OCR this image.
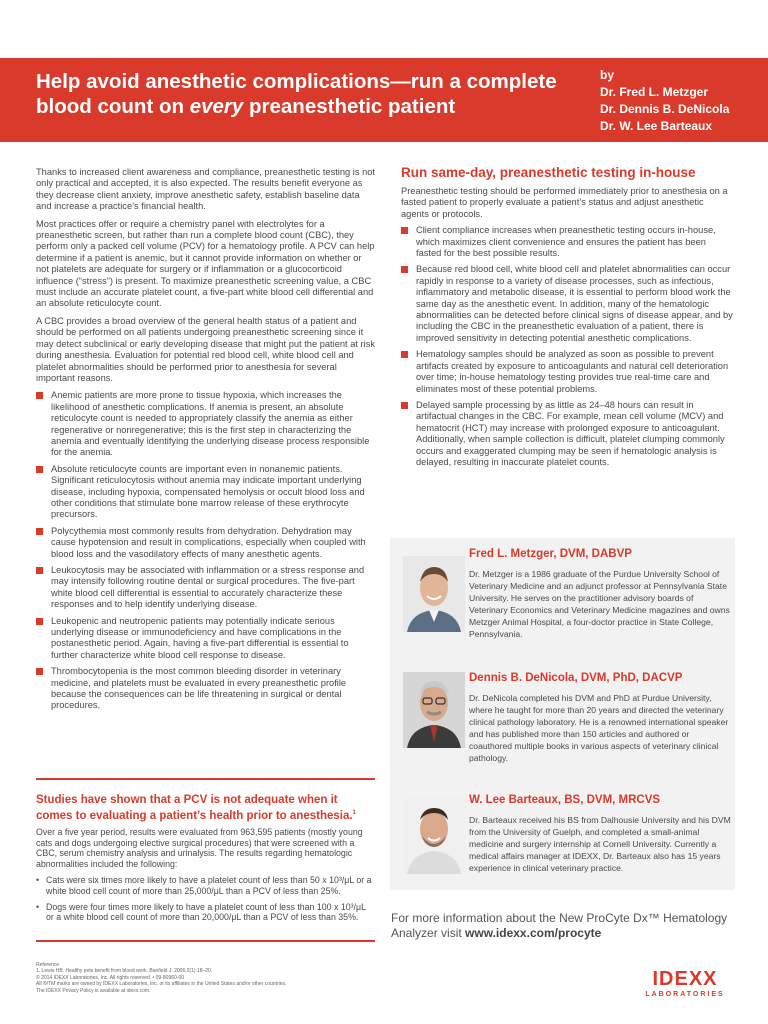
Help avoid anesthetic complications—run a complete
blood count on every preanesthetic patient
by
Dr. Fred L. Metzger
Dr. Dennis B. DeNicola
Dr. W. Lee Barteaux

Thanks to increased client awareness and compliance, preanesthetic testing is not only practical and accepted, it is also expected. The results benefit everyone as they decrease client anxiety, improve anesthetic safety, establish baseline data and increase a practice’s financial health.

Most practices offer or require a chemistry panel with electrolytes for a preanesthetic screen, but rather than run a complete blood count (CBC), they perform only a packed cell volume (PCV) for a hematology profile. A PCV can help determine if a patient is anemic, but it cannot provide information on whether or not platelets are adequate for surgery or if inflammation or a glucocorticoid influence (“stress”) is present. To maximize preanesthetic screening value, a CBC must include an accurate platelet count, a five-part white blood cell differential and an absolute reticulocyte count.

A CBC provides a broad overview of the general health status of a patient and should be performed on all patients undergoing preanesthetic screening since it may detect subclinical or early developing disease that might put the patient at risk during anesthesia. Evaluation for potential red blood cell, white blood cell and platelet abnormalities should be performed prior to anesthesia for several important reasons.

Anemic patients are more prone to tissue hypoxia, which increases the likelihood of anesthetic complications. If anemia is present, an absolute reticulocyte count is needed to appropriately classify the anemia as either regenerative or nonregenerative; this is the first step in characterizing the anemia and eventually identifying the underlying disease process responsible for the anemia.
Absolute reticulocyte counts are important even in nonanemic patients. Significant reticulocytosis without anemia may indicate important underlying disease, including hypoxia, compensated hemolysis or occult blood loss and other conditions that stimulate bone marrow release of these erythrocyte precursors.
Polycythemia most commonly results from dehydration. Dehydration may cause hypotension and result in complications, especially when coupled with blood loss and the vasodilatory effects of many anesthetic agents.
Leukocytosis may be associated with inflammation or a stress response and may intensify following routine dental or surgical procedures. The five-part white blood cell differential is essential to accurately characterize these responses and to help identify underlying disease.
Leukopenic and neutropenic patients may potentially indicate serious underlying disease or immunodeficiency and have complications in the postanesthetic period. Again, having a five-part differential is essential to further characterize white blood cell response to disease.
Thrombocytopenia is the most common bleeding disorder in veterinary medicine, and platelets must be evaluated in every preanesthetic profile because the consequences can be life threatening in surgical or dental procedures.
Run same-day, preanesthetic testing in-house

Preanesthetic testing should be performed immediately prior to anesthesia on a fasted patient to properly evaluate a patient’s status and adjust anesthetic agents or protocols.

Client compliance increases when preanesthetic testing occurs in-house, which maximizes client convenience and ensures the patient has been fasted for the best possible results.
Because red blood cell, white blood cell and platelet abnormalities can occur rapidly in response to a variety of disease processes, such as infectious, inflammatory and metabolic disease, it is essential to perform blood work the same day as the anesthetic event. In addition, many of the hematologic abnormalities can be detected before clinical signs of disease appear, and by including the CBC in the preanesthetic evaluation of a patient, there is improved sensitivity in detecting potential anesthetic complications.
Hematology samples should be analyzed as soon as possible to prevent artifacts created by exposure to anticoagulants and natural cell deterioration over time; in-house hematology testing provides true real-time care and eliminates most of these potential problems.
Delayed sample processing by as little as 24–48 hours can result in artifactual changes in the CBC. For example, mean cell volume (MCV) and hematocrit (HCT) may increase with prolonged exposure to anticoagulant. Additionally, when sample collection is difficult, platelet clumping commonly occurs and exaggerated clumping may be seen if hematologic analysis is delayed, resulting in inaccurate platelet counts.
Studies have shown that a PCV is not adequate when it comes to evaluating a patient’s health prior to anesthesia.$^1$

Over a five year period, results were evaluated from 963,595 patients (mostly young cats and dogs undergoing elective surgical procedures) that were screened with a CBC, serum chemistry analysis and urinalysis. The results regarding hematologic abnormalities included the following:

• Cats were six times more likely to have a platelet count of less than 50 x 10³/μL or a white blood cell count of more than 25,000/μL than a PCV of less than 25%.
• Dogs were four times more likely to have a platelet count of less than 100 x 10³/μL or a white blood cell count of more than 20,000/μL than a PCV of less than 35%.
Fred L. Metzger, DVM, DABVP
Dr. Metzger is a 1986 graduate of the Purdue University School of Veterinary Medicine and an adjunct professor at Pennsylvania State University. He serves on the practitioner advisory boards of Veterinary Economics and Veterinary Medicine magazines and owns Metzger Animal Hospital, a four-doctor practice in State College, Pennsylvania.
Dennis B. DeNicola, DVM, PhD, DACVP
Dr. DeNicola completed his DVM and PhD at Purdue University, where he taught for more than 20 years and directed the veterinary clinical pathology laboratory. He is a renowned international speaker and has published more than 150 articles and authored or coauthored multiple books in various aspects of veterinary clinical pathology.
W. Lee Barteaux, BS, DVM, MRCVS
Dr. Barteaux received his BS from Dalhousie University and his DVM from the University of Guelph, and completed a small-animal medicine and surgery internship at Cornell University. Currently a medical affairs manager at IDEXX, Dr. Barteaux also has 15 years experience in clinical veterinary practice.
For more information about the New ProCyte Dx™ Hematology
Analyzer visit www.idexx.com/procyte
Reference
1. Lewis HB. Healthy pets benefit from blood work. Banfield J. 2006;2(1):18–20.
© 2014 IDEXX Laboratories, Inc. All rights reserved. • 09-80960-00
All ®/TM marks are owned by IDEXX Laboratories, Inc. or its affiliates in the United States and/or other countries.
The IDEXX Privacy Policy is available at idexx.com.
IDEXX
LABORATORIES
